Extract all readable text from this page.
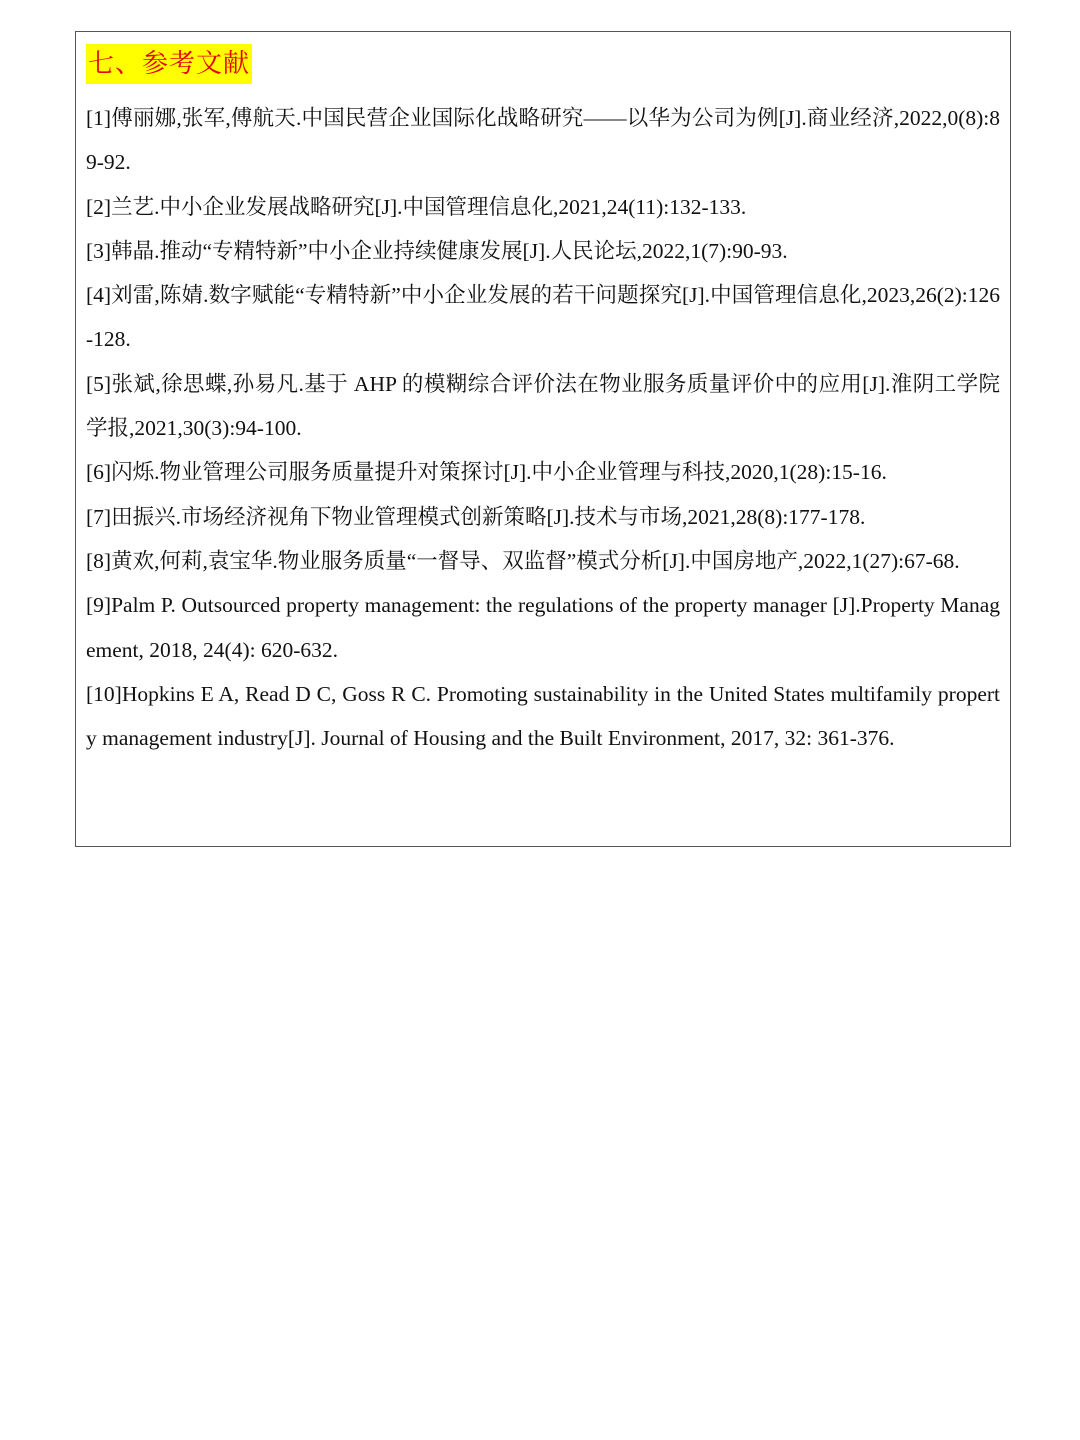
七、参考文献
[1]傅丽娜,张军,傅航天.中国民营企业国际化战略研究——以华为公司为例[J].商业经济,2022,0(8):89-92.
[2]兰艺.中小企业发展战略研究[J].中国管理信息化,2021,24(11):132-133.
[3]韩晶.推动“专精特新”中小企业持续健康发展[J].人民论坛,2022,1(7):90-93.
[4]刘雷,陈婧.数字赋能“专精特新”中小企业发展的若干问题探究[J].中国管理信息化,2023,26(2):126-128.
[5]张斌,徐思蝶,孙易凡.基于 AHP 的模糊综合评价法在物业服务质量评价中的应用[J].淮阴工学院学报,2021,30(3):94-100.
[6]闪烁.物业管理公司服务质量提升对策探讨[J].中小企业管理与科技,2020,1(28):15-16.
[7]田振兴.市场经济视角下物业管理模式创新策略[J].技术与市场,2021,28(8):177-178.
[8]黄欢,何莉,袁宝华.物业服务质量“一督导、双监督”模式分析[J].中国房地产,2022,1(27):67-68.
[9]Palm P. Outsourced property management: the regulations of the property manager [J].Property Management, 2018, 24(4): 620-632.
[10]Hopkins E A, Read D C, Goss R C. Promoting sustainability in the United States multifamily property management industry[J]. Journal of Housing and the Built Environment, 2017, 32: 361-376.
